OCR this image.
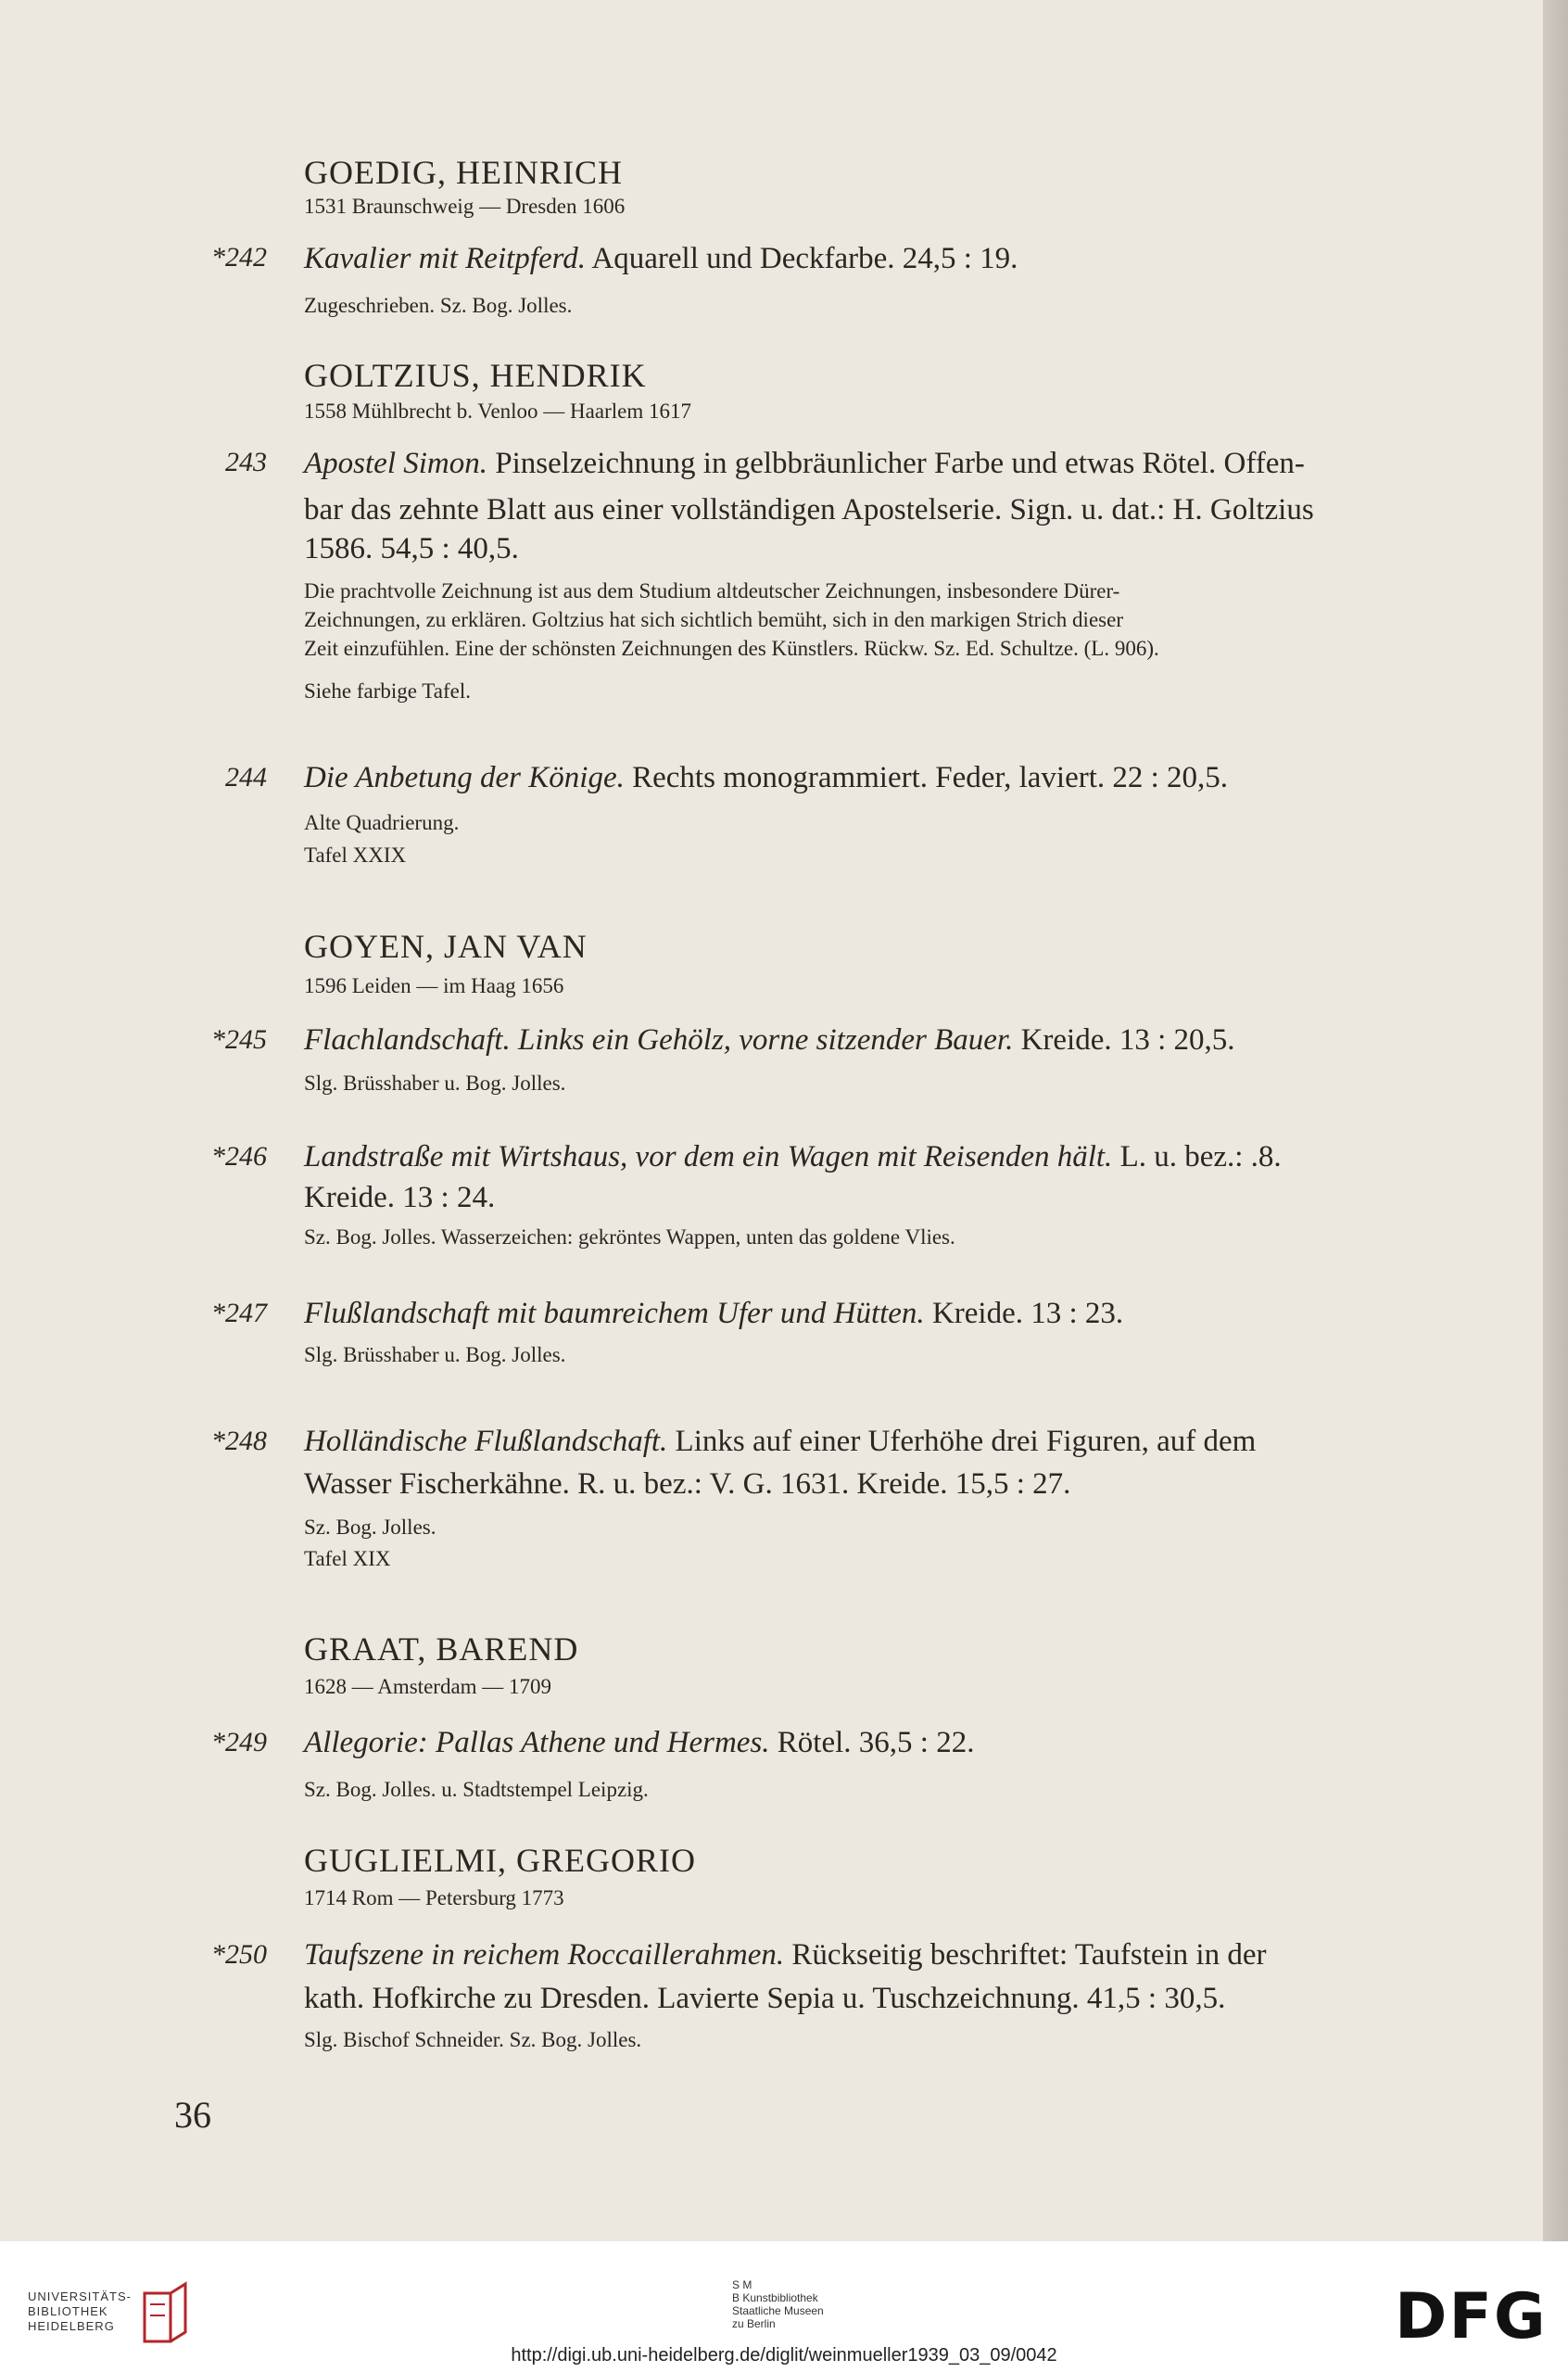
GOEDIG, HEINRICH
1531 Braunschweig — Dresden 1606
*242 Kavalier mit Reitpferd. Aquarell und Deckfarbe. 24,5 : 19.
Zugeschrieben. Sz. Bog. Jolles.
GOLTZIUS, HENDRIK
1558 Mühlbrecht b. Venloo — Haarlem 1617
243 Apostel Simon. Pinselzeichnung in gelbbräunlicher Farbe und etwas Rötel. Offen-
bar das zehnte Blatt aus einer vollständigen Apostelserie. Sign. u. dat.: H. Goltzius
1586. 54,5 : 40,5.
Die prachtvolle Zeichnung ist aus dem Studium altdeutscher Zeichnungen, insbesondere Dürer-
Zeichnungen, zu erklären. Goltzius hat sich sichtlich bemüht, sich in den markigen Strich dieser
Zeit einzufühlen. Eine der schönsten Zeichnungen des Künstlers. Rückw. Sz. Ed. Schultze. (L. 906).
Siehe farbige Tafel.
244 Die Anbetung der Könige. Rechts monogrammiert. Feder, laviert. 22 : 20,5.
Alte Quadrierung.
Tafel XXIX
GOYEN, JAN VAN
1596 Leiden — im Haag 1656
*245 Flachlandschaft. Links ein Gehölz, vorne sitzender Bauer. Kreide. 13 : 20,5.
Slg. Brüsshaber u. Bog. Jolles.
*246 Landstraße mit Wirtshaus, vor dem ein Wagen mit Reisenden hält. L. u. bez.: .8.
Kreide. 13 : 24.
Sz. Bog. Jolles. Wasserzeichen: gekröntes Wappen, unten das goldene Vlies.
*247 Flußlandschaft mit baumreichem Ufer und Hütten. Kreide. 13 : 23.
Slg. Brüsshaber u. Bog. Jolles.
*248 Holländische Flußlandschaft. Links auf einer Uferhöhe drei Figuren, auf dem
Wasser Fischerkähne. R. u. bez.: V. G. 1631. Kreide. 15,5 : 27.
Sz. Bog. Jolles.
Tafel XIX
GRAAT, BAREND
1628 — Amsterdam — 1709
*249 Allegorie: Pallas Athene und Hermes. Rötel. 36,5 : 22.
Sz. Bog. Jolles. u. Stadtstempel Leipzig.
GUGLIELMI, GREGORIO
1714 Rom — Petersburg 1773
*250 Taufszene in reichem Roccaillerahmen. Rückseitig beschriftet: Taufstein in der
kath. Hofkirche zu Dresden. Lavierte Sepia u. Tuschzeichnung. 41,5 : 30,5.
Slg. Bischof Schneider. Sz. Bog. Jolles.
36
UNIVERSITÄTS-
BIBLIOTHEK
HEIDELBERG
S M
B Kunstbibliothek
Staatliche Museen
zu Berlin	DFG
http://digi.ub.uni-heidelberg.de/diglit/weinmueller1939_03_09/0042
